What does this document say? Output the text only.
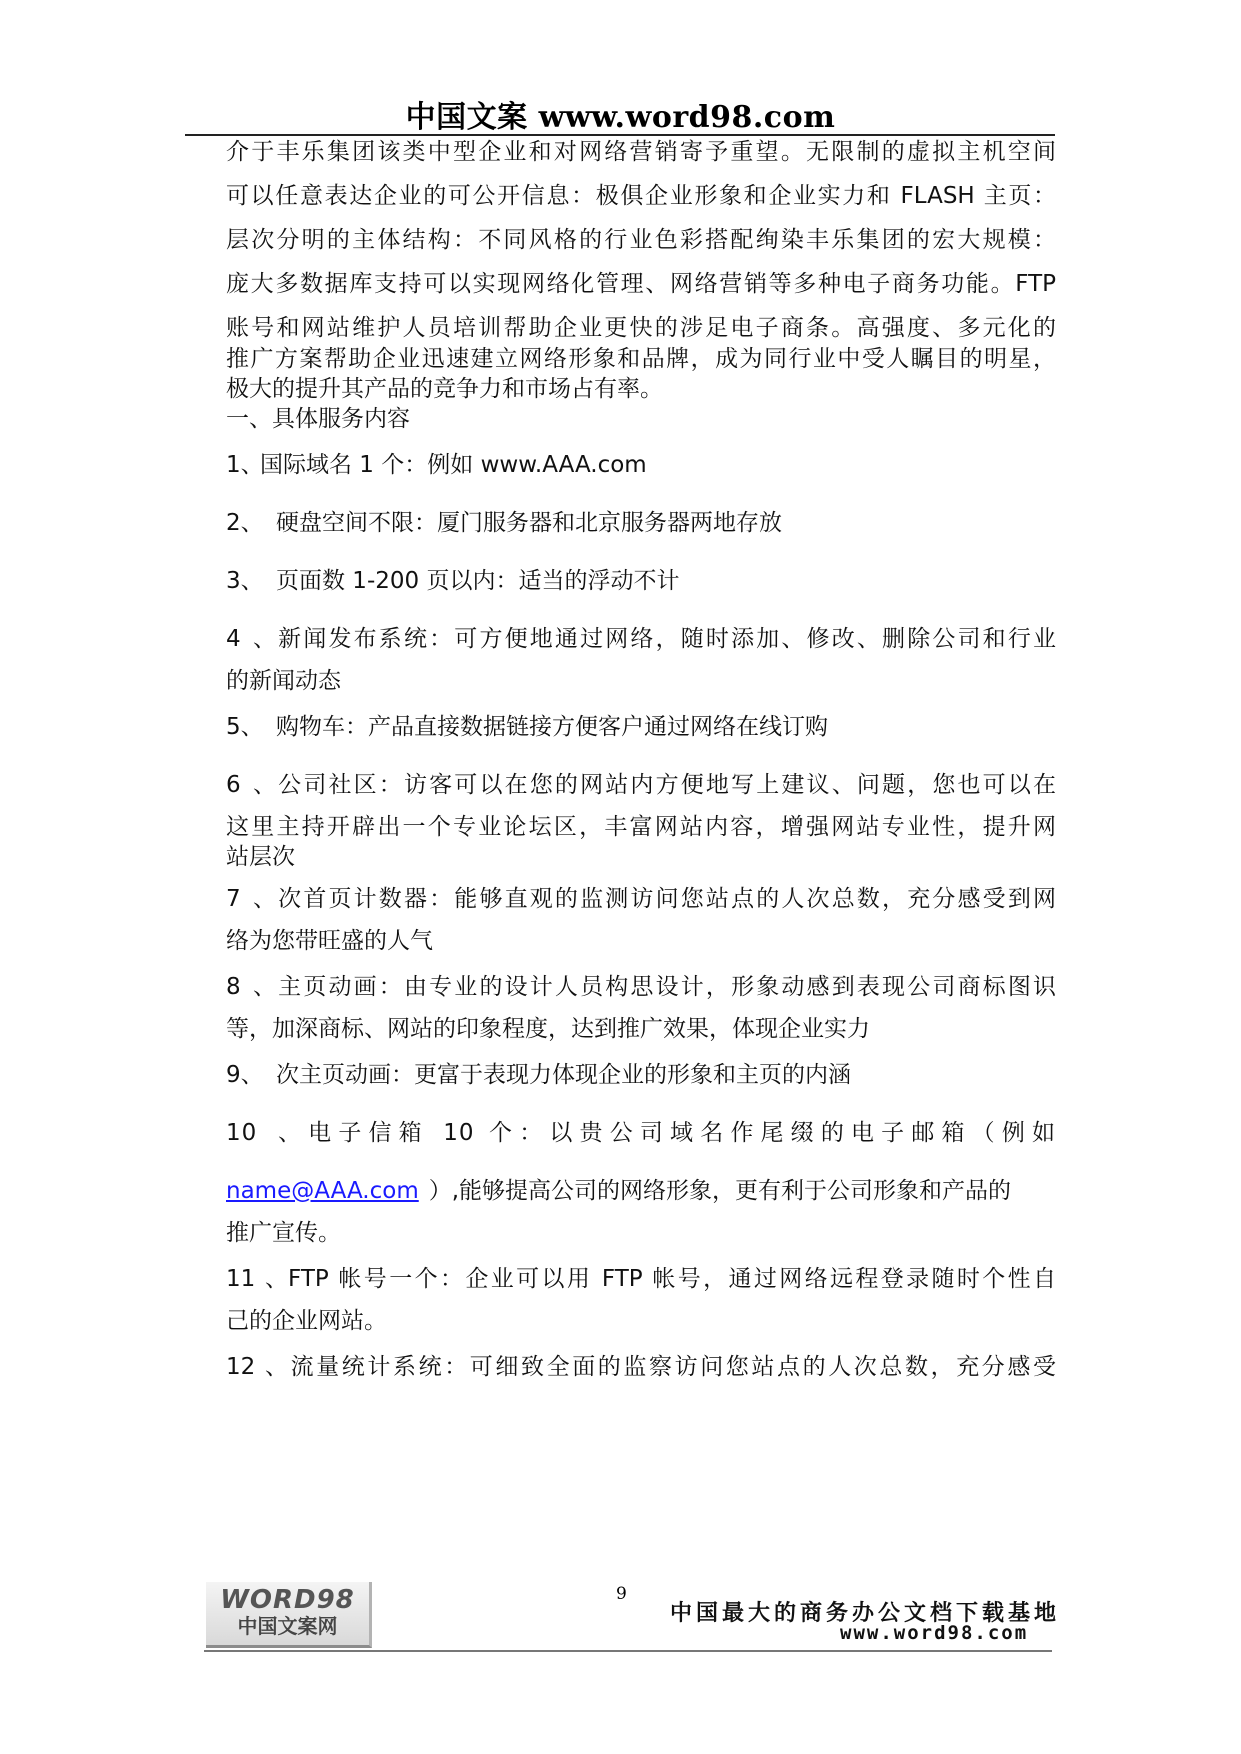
中国文案 www.word98.com
介于丰乐集团该类中型企业和对网络营销寄予重望。无限制的虚拟主机空间
可以任意表达企业的可公开信息：极俱企业形象和企业实力和 FLASH 主页：
层次分明的主体结构：不同风格的行业色彩搭配绚染丰乐集团的宏大规模：
庞大多数据库支持可以实现网络化管理、网络营销等多种电子商务功能。FTP
账号和网站维护人员培训帮助企业更快的涉足电子商条。高强度、多元化的
推广方案帮助企业迅速建立网络形象和品牌，成为同行业中受人瞩目的明星，
极大的提升其产品的竞争力和市场占有率。
一、具体服务内容
1、国际域名 1 个：例如 www.AAA.com
2、 硬盘空间不限：厦门服务器和北京服务器两地存放
3、 页面数 1-200 页以内：适当的浮动不计
4、新闻发布系统：可方便地通过网络，随时添加、修改、删除公司和行业
的新闻动态
5、 购物车：产品直接数据链接方便客户通过网络在线订购
6、公司社区：访客可以在您的网站内方便地写上建议、问题，您也可以在
这里主持开辟出一个专业论坛区，丰富网站内容，增强网站专业性，提升网
站层次
7、次首页计数器：能够直观的监测访问您站点的人次总数，充分感受到网
络为您带旺盛的人气
8、主页动画：由专业的设计人员构思设计，形象动感到表现公司商标图识
等，加深商标、网站的印象程度，达到推广效果，体现企业实力
9、 次主页动画：更富于表现力体现企业的形象和主页的内涵
10、电子信箱 10 个：以贵公司域名作尾缀的电子邮箱（例如
name@AAA.com ）,能够提高公司的网络形象，更有利于公司形象和产品的
推广宣传。
11、FTP 帐号一个：企业可以用 FTP 帐号，通过网络远程登录随时个性自
己的企业网站。
12、流量统计系统：可细致全面的监察访问您站点的人次总数，充分感受
WORD98
中国文案网
9
中国最大的商务办公文档下载基地
www.word98.com
